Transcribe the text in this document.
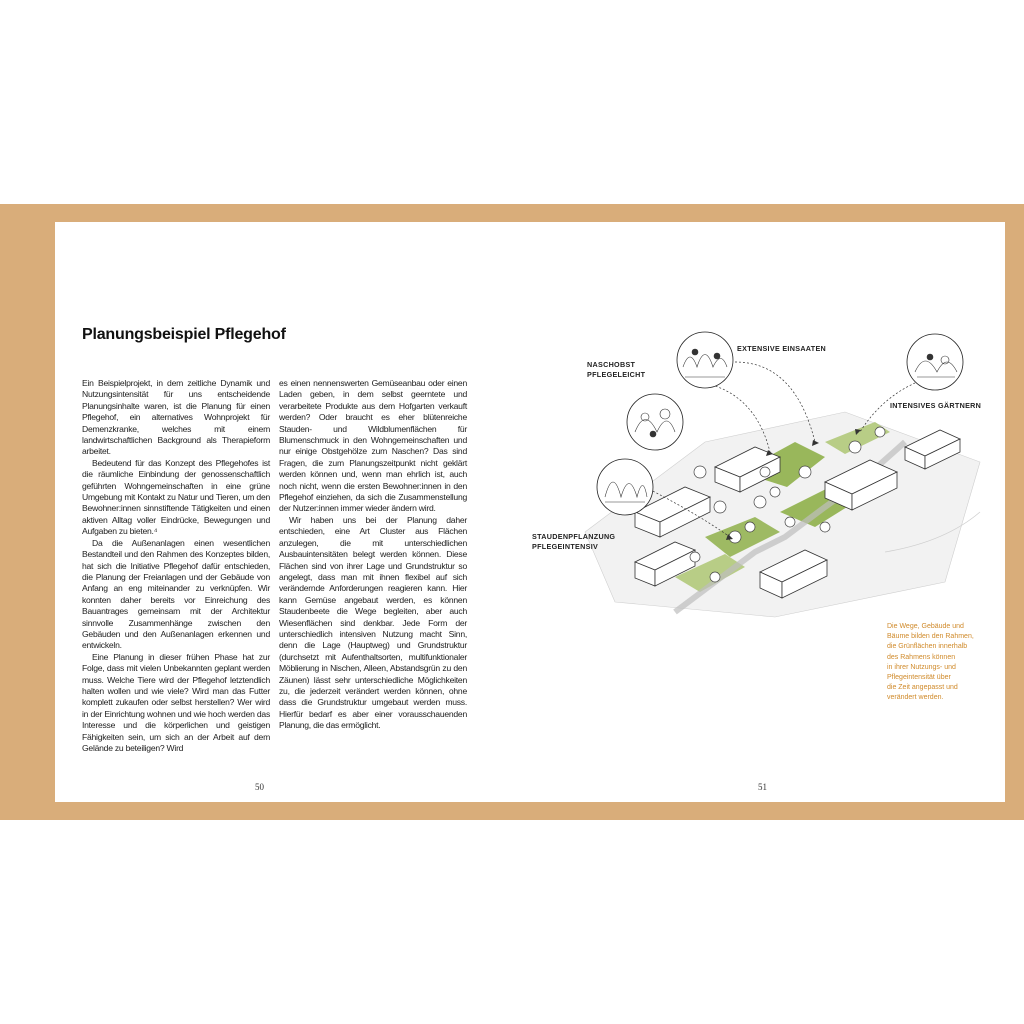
Planungsbeispiel Pflegehof

Ein Beispielprojekt, in dem zeitliche Dynamik und Nutzungsintensität für uns entscheidende Planungsinhalte waren, ist die Planung für einen Pflegehof, ein alternatives Wohnprojekt für Demenzkranke, welches mit einem landwirtschaftlichen Background als Therapieform arbeitet.

Bedeutend für das Konzept des Pflegehofes ist die räumliche Einbindung der genossenschaftlich geführten Wohngemeinschaften in eine grüne Umgebung mit Kontakt zu Natur und Tieren, um den Bewohner:innen sinnstiftende Tätigkeiten und einen aktiven Alltag voller Eindrücke, Bewegungen und Aufgaben zu bieten.⁴

Da die Außenanlagen einen wesentlichen Bestandteil und den Rahmen des Konzeptes bilden, hat sich die Initiative Pflegehof dafür entschieden, die Planung der Freianlagen und der Gebäude von Anfang an eng miteinander zu verknüpfen. Wir konnten daher bereits vor Einreichung des Bauantrages gemeinsam mit der Architektur sinnvolle Zusammenhänge zwischen den Gebäuden und den Außenanlagen erkennen und entwickeln.

Eine Planung in dieser frühen Phase hat zur Folge, dass mit vielen Unbekannten geplant werden muss. Welche Tiere wird der Pflegehof letztendlich halten wollen und wie viele? Wird man das Futter komplett zukaufen oder selbst herstellen? Wer wird in der Einrichtung wohnen und wie hoch werden das Interesse und die körperlichen und geistigen Fähigkeiten sein, um sich an der Arbeit auf dem Gelände zu beteiligen? Wird

es einen nennenswerten Gemüseanbau oder einen Laden geben, in dem selbst geerntete und verarbeitete Produkte aus dem Hofgarten verkauft werden? Oder braucht es eher blütenreiche Stauden- und Wildblumenflächen für Blumenschmuck in den Wohngemeinschaften und nur einige Obstgehölze zum Naschen? Das sind Fragen, die zum Planungszeitpunkt nicht geklärt werden können und, wenn man ehrlich ist, auch noch nicht, wenn die ersten Bewohner:innen in den Pflegehof einziehen, da sich die Zusammenstellung der Nutzer:innen immer wieder ändern wird.

Wir haben uns bei der Planung daher entschieden, eine Art Cluster aus Flächen anzulegen, die mit unterschiedlichen Ausbauintensitäten belegt werden können. Diese Flächen sind von ihrer Lage und Grundstruktur so angelegt, dass man mit ihnen flexibel auf sich verändernde Anforderungen reagieren kann. Hier kann Gemüse angebaut werden, es können Staudenbeete die Wege begleiten, aber auch Wiesenflächen sind denkbar. Jede Form der unterschiedlich intensiven Nutzung macht Sinn, denn die Lage (Hauptweg) und Grundstruktur (durchsetzt mit Aufenthaltsorten, multifunktionaler Möblierung in Nischen, Alleen, Abstandsgrün zu den Zäunen) lässt sehr unterschiedliche Möglichkeiten zu, die jederzeit verändert werden können, ohne dass die Grundstruktur umgebaut werden muss. Hierfür bedarf es aber einer vorausschauenden Planung, die das ermöglicht.

NASCHOBST
PFLEGELEICHT
EXTENSIVE EINSAATEN
INTENSIVES GÄRTNERN
STAUDENPFLANZUNG
PFLEGEINTENSIV
Die Wege, Gebäude und
Bäume bilden den Rahmen,
die Grünflächen innerhalb
des Rahmens können
in ihrer Nutzungs- und
Pflegeintensität über
die Zeit angepasst und
verändert werden.
50	51
